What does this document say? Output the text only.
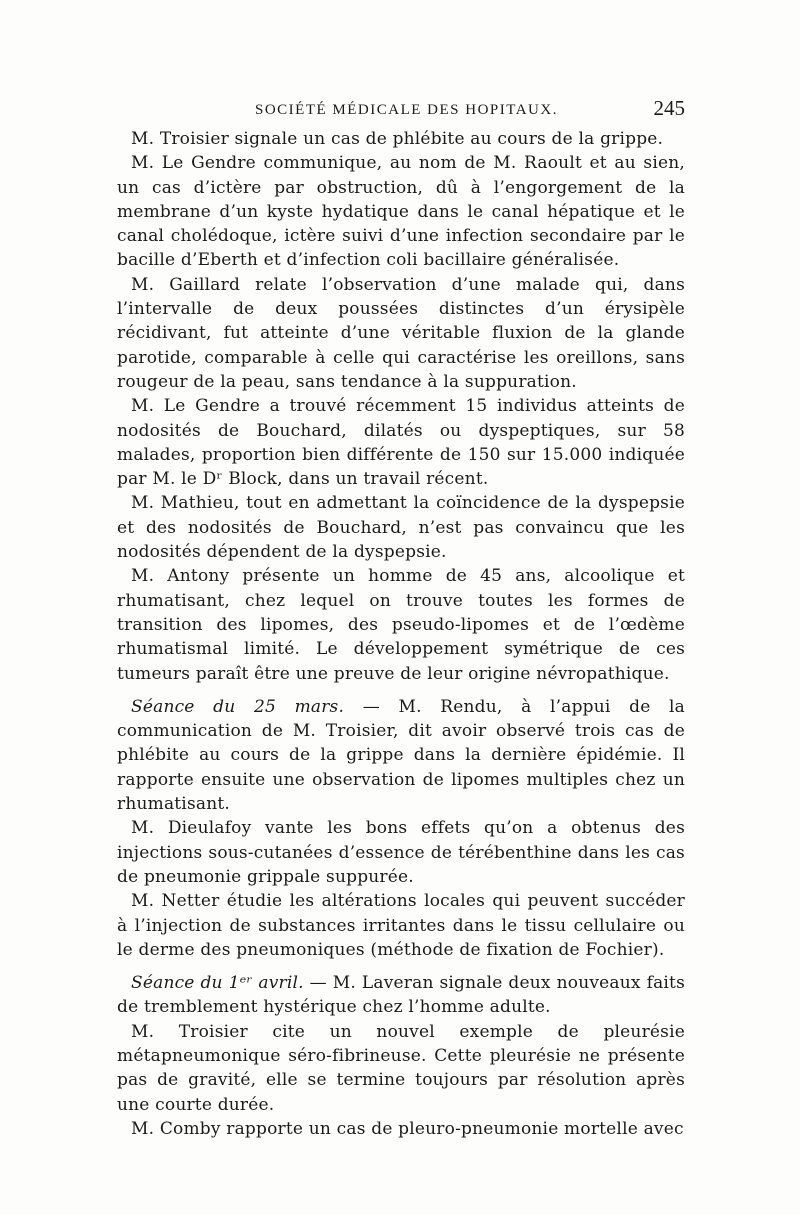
SOCIÉTÉ MÉDICALE DES HOPITAUX.	245

M. Troisier signale un cas de phlébite au cours de la grippe.

M. Le Gendre communique, au nom de M. Raoult et au sien, un cas d’ictère par obstruction, dû à l’engorgement de la membrane d’un kyste hydatique dans le canal hépatique et le canal cholédoque, ictère suivi d’une infection secondaire par le bacille d’Eberth et d’infection coli bacillaire généralisée.

M. Gaillard relate l’observation d’une malade qui, dans l’intervalle de deux poussées distinctes d’un érysipèle récidivant, fut atteinte d’une véritable fluxion de la glande parotide, comparable à celle qui caractérise les oreillons, sans rougeur de la peau, sans tendance à la suppuration.

M. Le Gendre a trouvé récemment 15 individus atteints de nodosités de Bouchard, dilatés ou dyspeptiques, sur 58 malades, proportion bien différente de 150 sur 15.000 indiquée par M. le Dʳ Block, dans un travail récent.

M. Mathieu, tout en admettant la coïncidence de la dyspepsie et des nodosités de Bouchard, n’est pas convaincu que les nodosités dépendent de la dyspepsie.

M. Antony présente un homme de 45 ans, alcoolique et rhumatisant, chez lequel on trouve toutes les formes de transition des lipomes, des pseudo-lipomes et de l’œdème rhumatismal limité. Le développement symétrique de ces tumeurs paraît être une preuve de leur origine névropathique.

Séance du 25 mars. — M. Rendu, à l’appui de la communication de M. Troisier, dit avoir observé trois cas de phlébite au cours de la grippe dans la dernière épidémie. Il rapporte ensuite une observation de lipomes multiples chez un rhumatisant.

M. Dieulafoy vante les bons effets qu’on a obtenus des injections sous-cutanées d’essence de térébenthine dans les cas de pneumonie grippale suppurée.

M. Netter étudie les altérations locales qui peuvent succéder à l’injection de substances irritantes dans le tissu cellulaire ou le derme des pneumoniques (méthode de fixation de Fochier).

Séance du 1ᵉʳ avril. — M. Laveran signale deux nouveaux faits de tremblement hystérique chez l’homme adulte.

M. Troisier cite un nouvel exemple de pleurésie métapneumonique séro-fibrineuse. Cette pleurésie ne présente pas de gravité, elle se termine toujours par résolution après une courte durée.

M. Comby rapporte un cas de pleuro-pneumonie mortelle avec
